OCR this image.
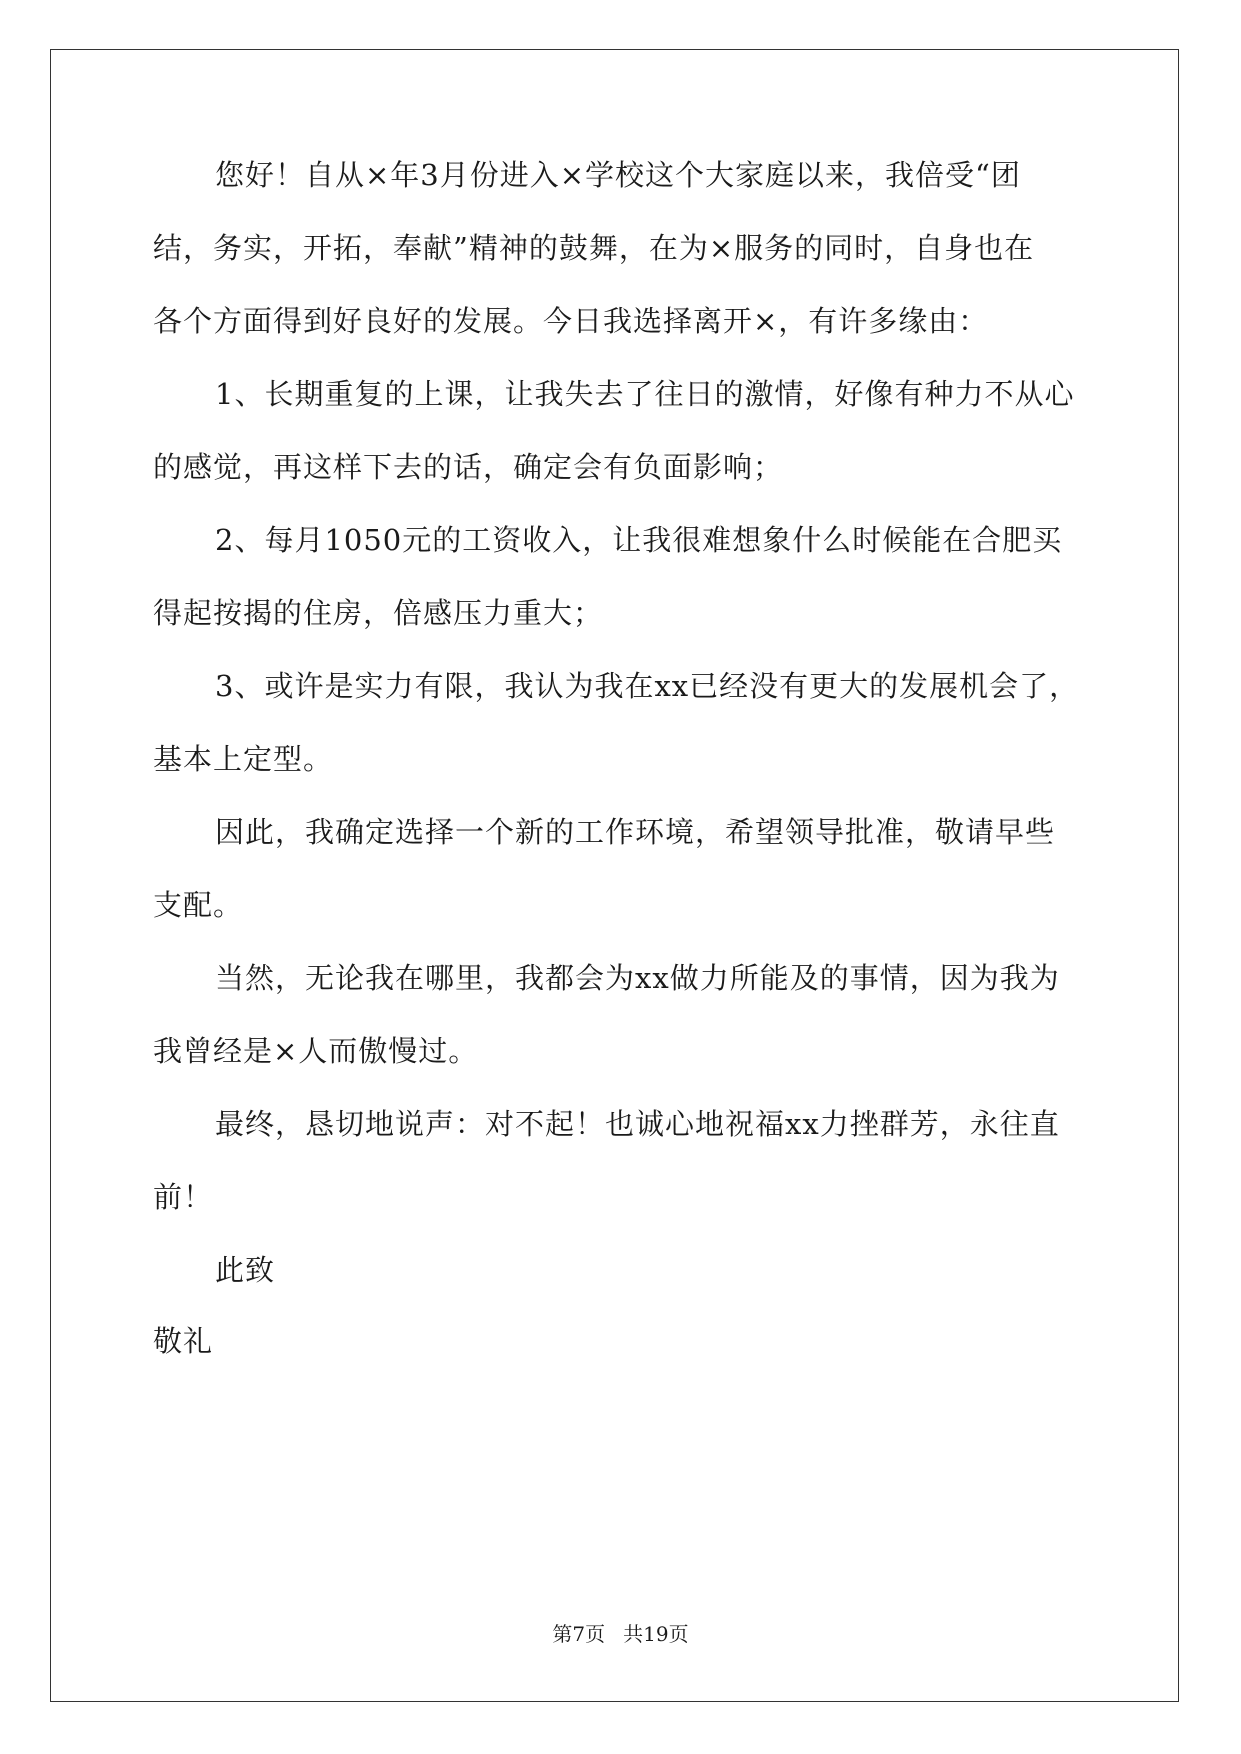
您好！自从×年3月份进入×学校这个大家庭以来，我倍受“团
结，务实，开拓，奉献”精神的鼓舞，在为×服务的同时，自身也在
各个方面得到好良好的发展。今日我选择离开×，有许多缘由：
1、长期重复的上课，让我失去了往日的激情，好像有种力不从心
的感觉，再这样下去的话，确定会有负面影响；
2、每月1050元的工资收入，让我很难想象什么时候能在合肥买
得起按揭的住房，倍感压力重大；
3、或许是实力有限，我认为我在xx已经没有更大的发展机会了，
基本上定型。
因此，我确定选择一个新的工作环境，希望领导批准，敬请早些
支配。
当然，无论我在哪里，我都会为xx做力所能及的事情，因为我为
我曾经是×人而傲慢过。
最终，恳切地说声：对不起！也诚心地祝福xx力挫群芳，永往直
前！
此致
敬礼
第7页 共19页
